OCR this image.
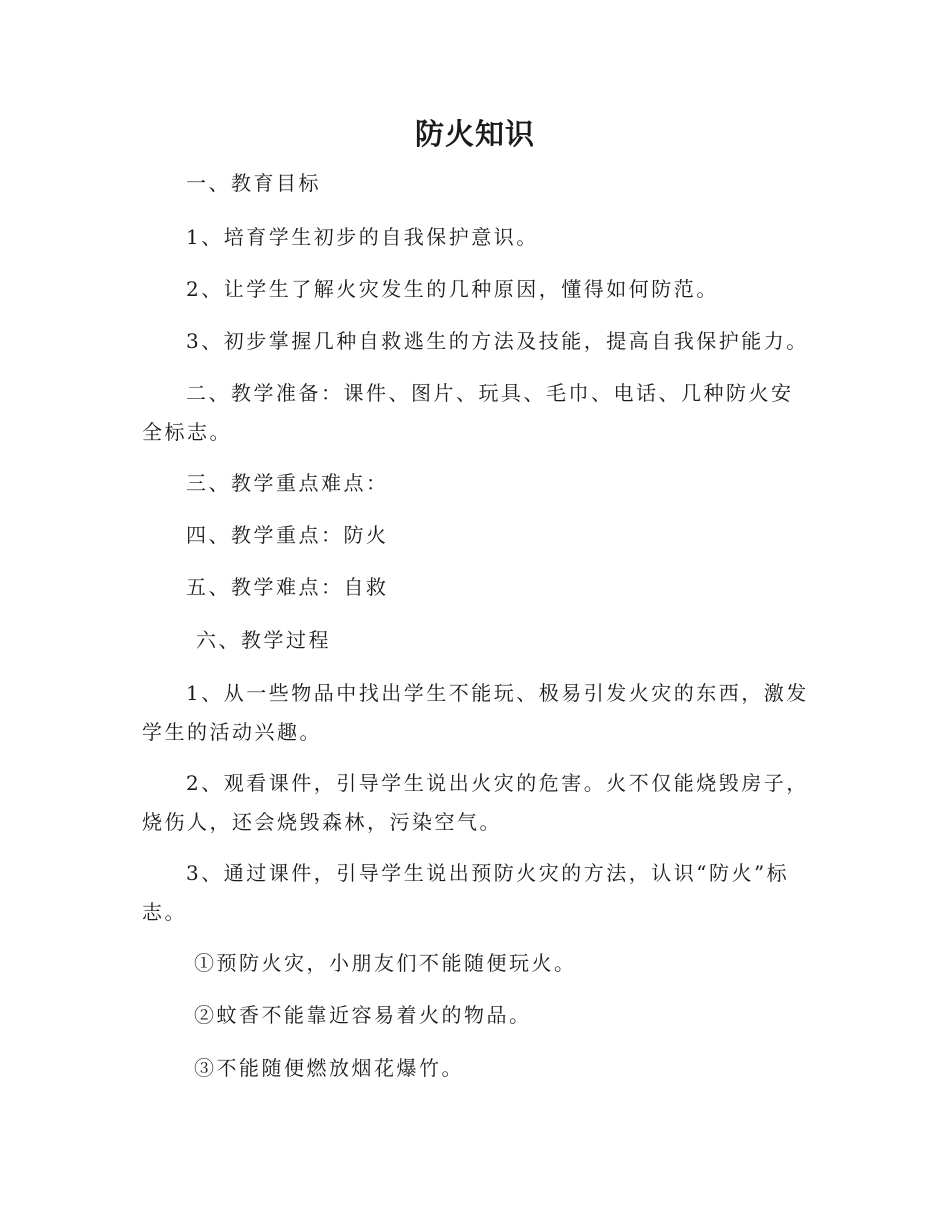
防火知识
一、教育目标
1、培育学生初步的自我保护意识。
2、让学生了解火灾发生的几种原因，懂得如何防范。
3、初步掌握几种自救逃生的方法及技能，提高自我保护能力。
二、教学准备：课件、图片、玩具、毛巾、电话、几种防火安全标志。
三、教学重点难点：
四、教学重点：防火
五、教学难点：自救
六、教学过程
1、从一些物品中找出学生不能玩、极易引发火灾的东西，激发学生的活动兴趣。
2、观看课件，引导学生说出火灾的危害。火不仅能烧毁房子，烧伤人，还会烧毁森林，污染空气。
3、通过课件，引导学生说出预防火灾的方法，认识“防火”标志。
①预防火灾，小朋友们不能随便玩火。
②蚊香不能靠近容易着火的物品。
③不能随便燃放烟花爆竹。
